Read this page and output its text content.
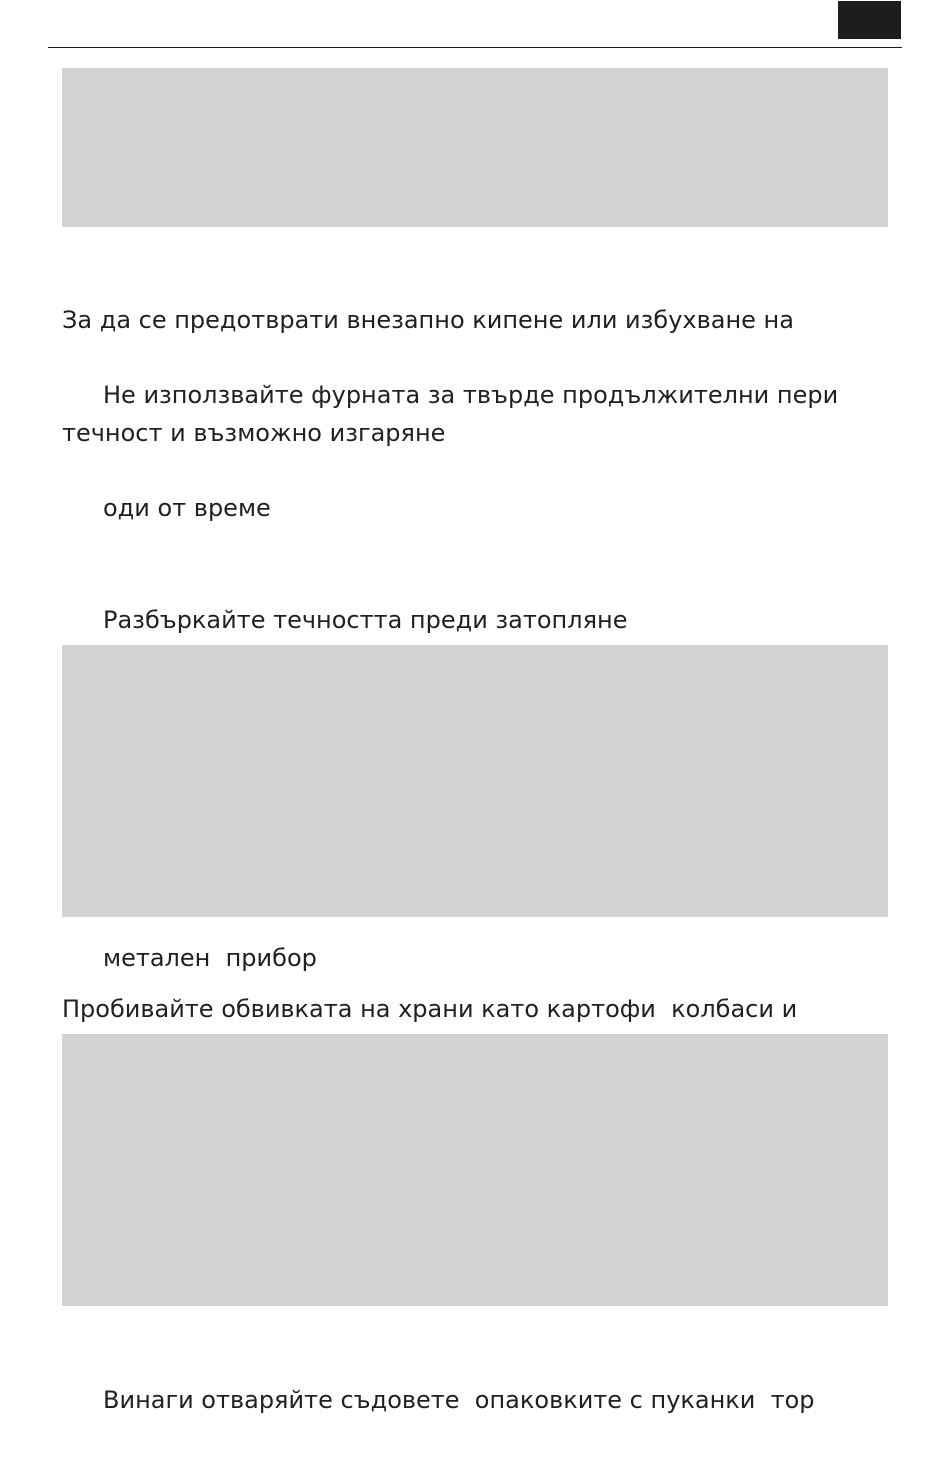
За да се предотврати внезапно кипене или избухване на

течност и възможно изгаряне

Не използвайте фурната за твърде продължителни пери

оди от време

Разбъркайте течността преди затопляне

метален  прибор

Пробивайте обвивката на храни като картофи  колбаси и

Винаги отваряйте съдовете  опаковките с пуканки  тор
